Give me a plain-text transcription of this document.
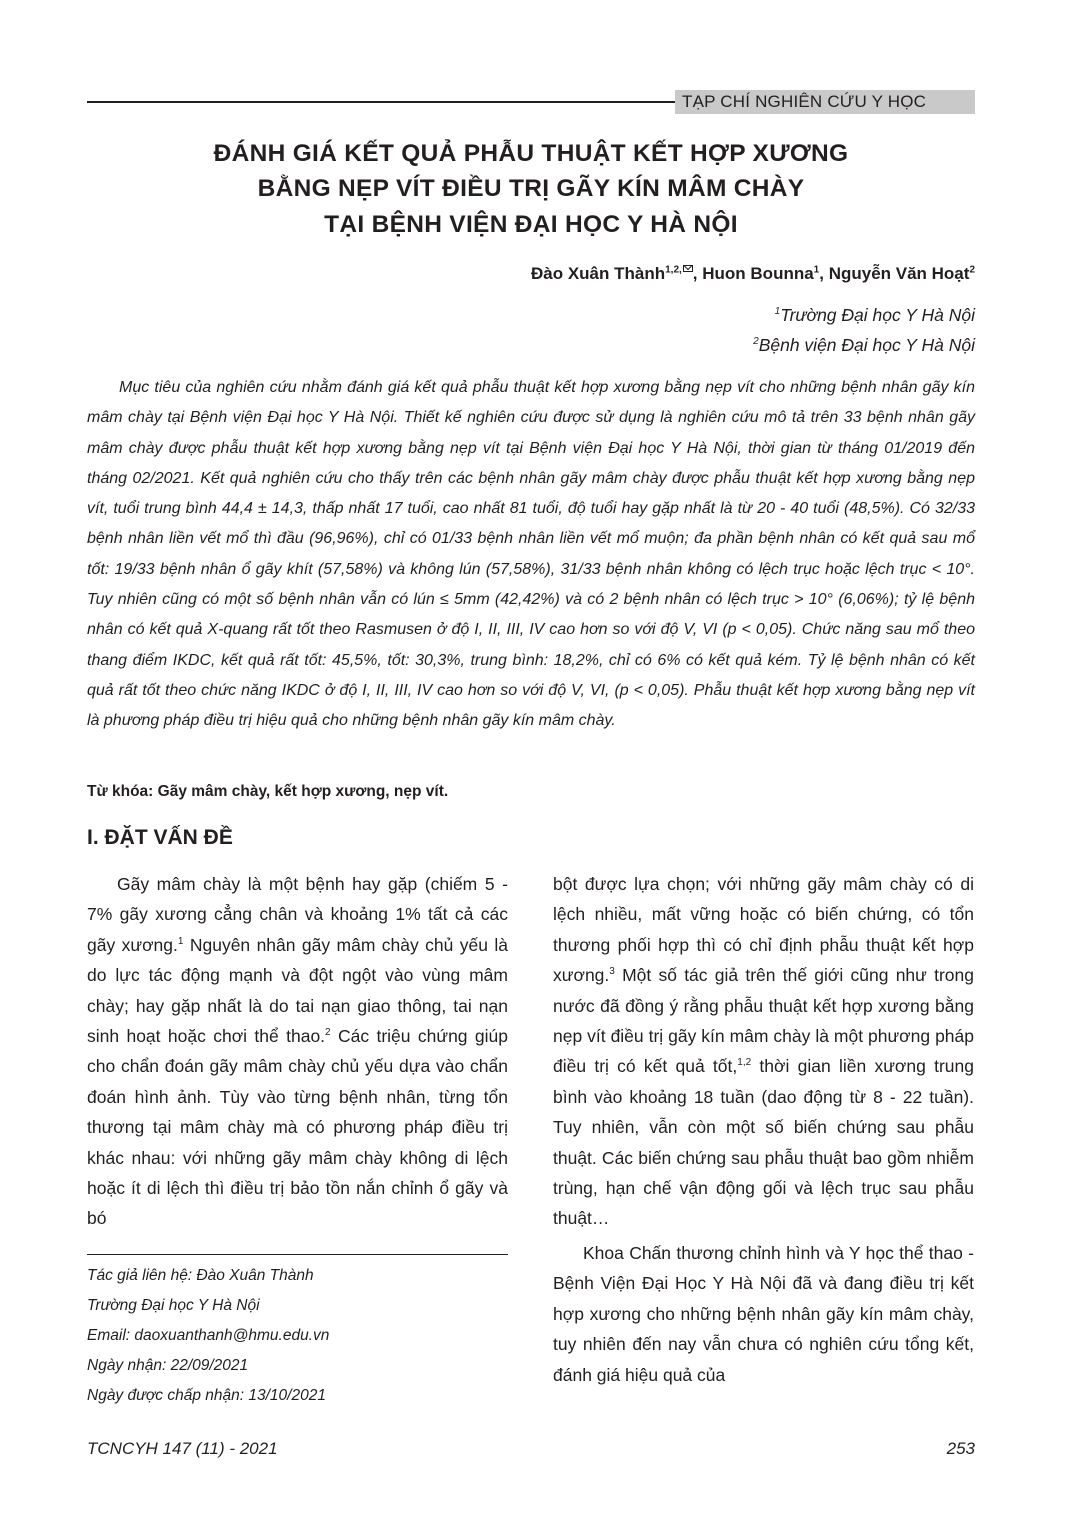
TẠP CHÍ NGHIÊN CỨU Y HỌC
ĐÁNH GIÁ KẾT QUẢ PHẪU THUẬT KẾT HỢP XƯƠNG
BẰNG NẸP VÍT ĐIỀU TRỊ GÃY KÍN MÂM CHÀY
TẠI BỆNH VIỆN ĐẠI HỌC Y HÀ NỘI
Đào Xuân Thành$^{1,2,}$ , Huon Bounna$^1$, Nguyễn Văn Hoạt$^2$
$^1$Trường Đại học Y Hà Nội
$^2$Bệnh viện Đại học Y Hà Nội

Mục tiêu của nghiên cứu nhằm đánh giá kết quả phẫu thuật kết hợp xương bằng nẹp vít cho những bệnh nhân gãy kín mâm chày tại Bệnh viện Đại học Y Hà Nội. Thiết kế nghiên cứu được sử dụng là nghiên cứu mô tả trên 33 bệnh nhân gãy mâm chày được phẫu thuật kết hợp xương bằng nẹp vít tại Bệnh viện Đại học Y Hà Nội, thời gian từ tháng 01/2019 đến tháng 02/2021. Kết quả nghiên cứu cho thấy trên các bệnh nhân gãy mâm chày được phẫu thuật kết hợp xương bằng nẹp vít, tuổi trung bình 44,4 ± 14,3, thấp nhất 17 tuổi, cao nhất 81 tuổi, độ tuổi hay gặp nhất là từ 20 - 40 tuổi (48,5%). Có 32/33 bệnh nhân liền vết mổ thì đầu (96,96%), chỉ có 01/33 bệnh nhân liền vết mổ muộn; đa phần bệnh nhân có kết quả sau mổ tốt: 19/33 bệnh nhân ổ gãy khít (57,58%) và không lún (57,58%), 31/33 bệnh nhân không có lệch trục hoặc lệch trục < 10°. Tuy nhiên cũng có một số bệnh nhân vẫn có lún ≤ 5mm (42,42%) và có 2 bệnh nhân có lệch trục > 10° (6,06%); tỷ lệ bệnh nhân có kết quả X-quang rất tốt theo Rasmusen ở độ I, II, III, IV cao hơn so với độ V, VI (p < 0,05). Chức năng sau mổ theo thang điểm IKDC, kết quả rất tốt: 45,5%, tốt: 30,3%, trung bình: 18,2%, chỉ có 6% có kết quả kém. Tỷ lệ bệnh nhân có kết quả rất tốt theo chức năng IKDC ở độ I, II, III, IV cao hơn so với độ V, VI, (p < 0,05). Phẫu thuật kết hợp xương bằng nẹp vít là phương pháp điều trị hiệu quả cho những bệnh nhân gãy kín mâm chày.

Từ khóa: Gãy mâm chày, kết hợp xương, nẹp vít.
I. ĐẶT VẤN ĐỀ

Gãy mâm chày là một bệnh hay gặp (chiếm 5 - 7% gãy xương cẳng chân và khoảng 1% tất cả các gãy xương.$^1$ Nguyên nhân gãy mâm chày chủ yếu là do lực tác động mạnh và đột ngột vào vùng mâm chày; hay gặp nhất là do tai nạn giao thông, tai nạn sinh hoạt hoặc chơi thể thao.$^2$ Các triệu chứng giúp cho chẩn đoán gãy mâm chày chủ yếu dựa vào chẩn đoán hình ảnh. Tùy vào từng bệnh nhân, từng tổn thương tại mâm chày mà có phương pháp điều trị khác nhau: với những gãy mâm chày không di lệch hoặc ít di lệch thì điều trị bảo tồn nắn chỉnh ổ gãy và bó

bột được lựa chọn; với những gãy mâm chày có di lệch nhiều, mất vững hoặc có biến chứng, có tổn thương phối hợp thì có chỉ định phẫu thuật kết hợp xương.$^3$ Một số tác giả trên thế giới cũng như trong nước đã đồng ý rằng phẫu thuật kết hợp xương bằng nẹp vít điều trị gãy kín mâm chày là một phương pháp điều trị có kết quả tốt,$^{1,2}$ thời gian liền xương trung bình vào khoảng 18 tuần (dao động từ 8 - 22 tuần). Tuy nhiên, vẫn còn một số biến chứng sau phẫu thuật. Các biến chứng sau phẫu thuật bao gồm nhiễm trùng, hạn chế vận động gối và lệch trục sau phẫu thuật…

Khoa Chấn thương chỉnh hình và Y học thể thao - Bệnh Viện Đại Học Y Hà Nội đã và đang điều trị kết hợp xương cho những bệnh nhân gãy kín mâm chày, tuy nhiên đến nay vẫn chưa có nghiên cứu tổng kết, đánh giá hiệu quả của

Tác giả liên hệ: Đào Xuân Thành
Trường Đại học Y Hà Nội
Email: daoxuanthanh@hmu.edu.vn
Ngày nhận: 22/09/2021
Ngày được chấp nhận: 13/10/2021
TCNCYH 147 (11) - 2021	253
